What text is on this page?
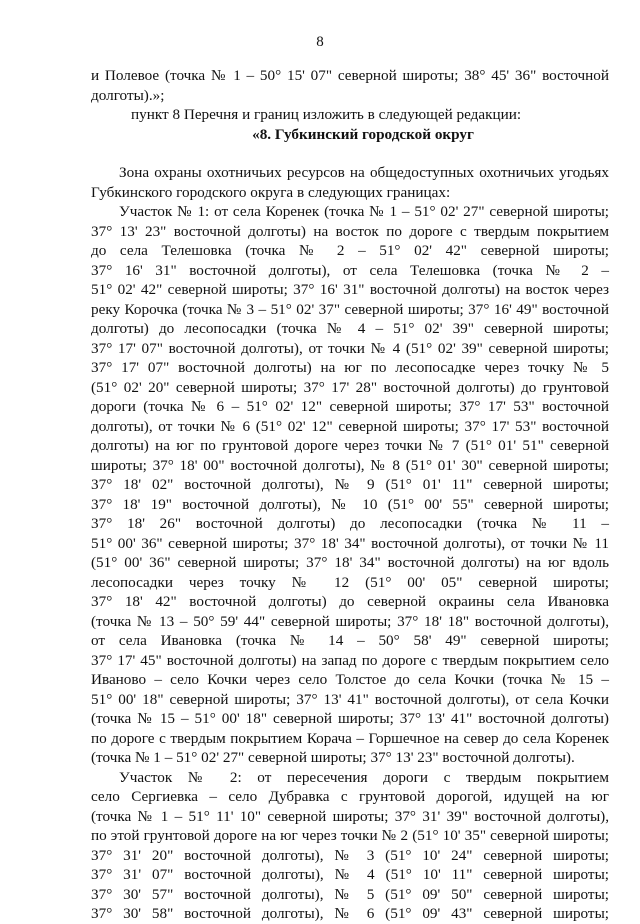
8
и Полевое (точка № 1 – 50° 15' 07" северной широты; 38° 45' 36" восточной
долготы).»;
пункт 8 Перечня и границ изложить в следующей редакции:
«8. Губкинский городской округ
Зона охраны охотничьих ресурсов на общедоступных охотничьих угодьях
Губкинского городского округа в следующих границах:
Участок № 1: от села Коренек (точка № 1 – 51° 02' 27" северной широты;
37° 13' 23" восточной долготы) на восток по дороге с твердым покрытием
до села Телешовка (точка № 2 – 51° 02' 42" северной широты;
37° 16' 31" восточной долготы), от села Телешовка (точка № 2 –
51° 02' 42" северной широты; 37° 16' 31" восточной долготы) на восток через
реку Корочка (точка № 3 – 51° 02' 37" северной широты; 37° 16' 49" восточной
долготы) до лесопосадки (точка № 4 – 51° 02' 39" северной широты;
37° 17' 07" восточной долготы), от точки № 4 (51° 02' 39" северной широты;
37° 17' 07" восточной долготы) на юг по лесопосадке через точку № 5
(51° 02' 20" северной широты; 37° 17' 28" восточной долготы) до грунтовой
дороги (точка № 6 – 51° 02' 12" северной широты; 37° 17' 53" восточной
долготы), от точки № 6 (51° 02' 12" северной широты; 37° 17' 53" восточной
долготы) на юг по грунтовой дороге через точки № 7 (51° 01' 51" северной
широты; 37° 18' 00" восточной долготы), № 8 (51° 01' 30" северной широты;
37° 18' 02" восточной долготы), № 9 (51° 01' 11" северной широты;
37° 18' 19" восточной долготы), № 10 (51° 00' 55" северной широты;
37° 18' 26" восточной долготы) до лесопосадки (точка № 11 –
51° 00' 36" северной широты; 37° 18' 34" восточной долготы), от точки № 11
(51° 00' 36" северной широты; 37° 18' 34" восточной долготы) на юг вдоль
лесопосадки через точку № 12 (51° 00' 05" северной широты;
37° 18' 42" восточной долготы) до северной окраины села Ивановка
(точка № 13 – 50° 59' 44" северной широты; 37° 18' 18" восточной долготы),
от села Ивановка (точка № 14 – 50° 58' 49" северной широты;
37° 17' 45" восточной долготы) на запад по дороге с твердым покрытием село
Иваново – село Кочки через село Толстое до села Кочки (точка № 15 –
51° 00' 18" северной широты; 37° 13' 41" восточной долготы), от села Кочки
(точка № 15 – 51° 00' 18" северной широты; 37° 13' 41" восточной долготы)
по дороге с твердым покрытием Корача – Горшечное на север до села Коренек
(точка № 1 – 51° 02' 27" северной широты; 37° 13' 23" восточной долготы).
Участок № 2: от пересечения дороги с твердым покрытием
село Сергиевка – село Дубравка с грунтовой дорогой, идущей на юг
(точка № 1 – 51° 11' 10" северной широты; 37° 31' 39" восточной долготы),
по этой грунтовой дороге на юг через точки № 2 (51° 10' 35" северной широты;
37° 31' 20" восточной долготы), № 3 (51° 10' 24" северной широты;
37° 31' 07" восточной долготы), № 4 (51° 10' 11" северной широты;
37° 30' 57" восточной долготы), № 5 (51° 09' 50" северной широты;
37° 30' 58" восточной долготы), № 6 (51° 09' 43" северной широты;
